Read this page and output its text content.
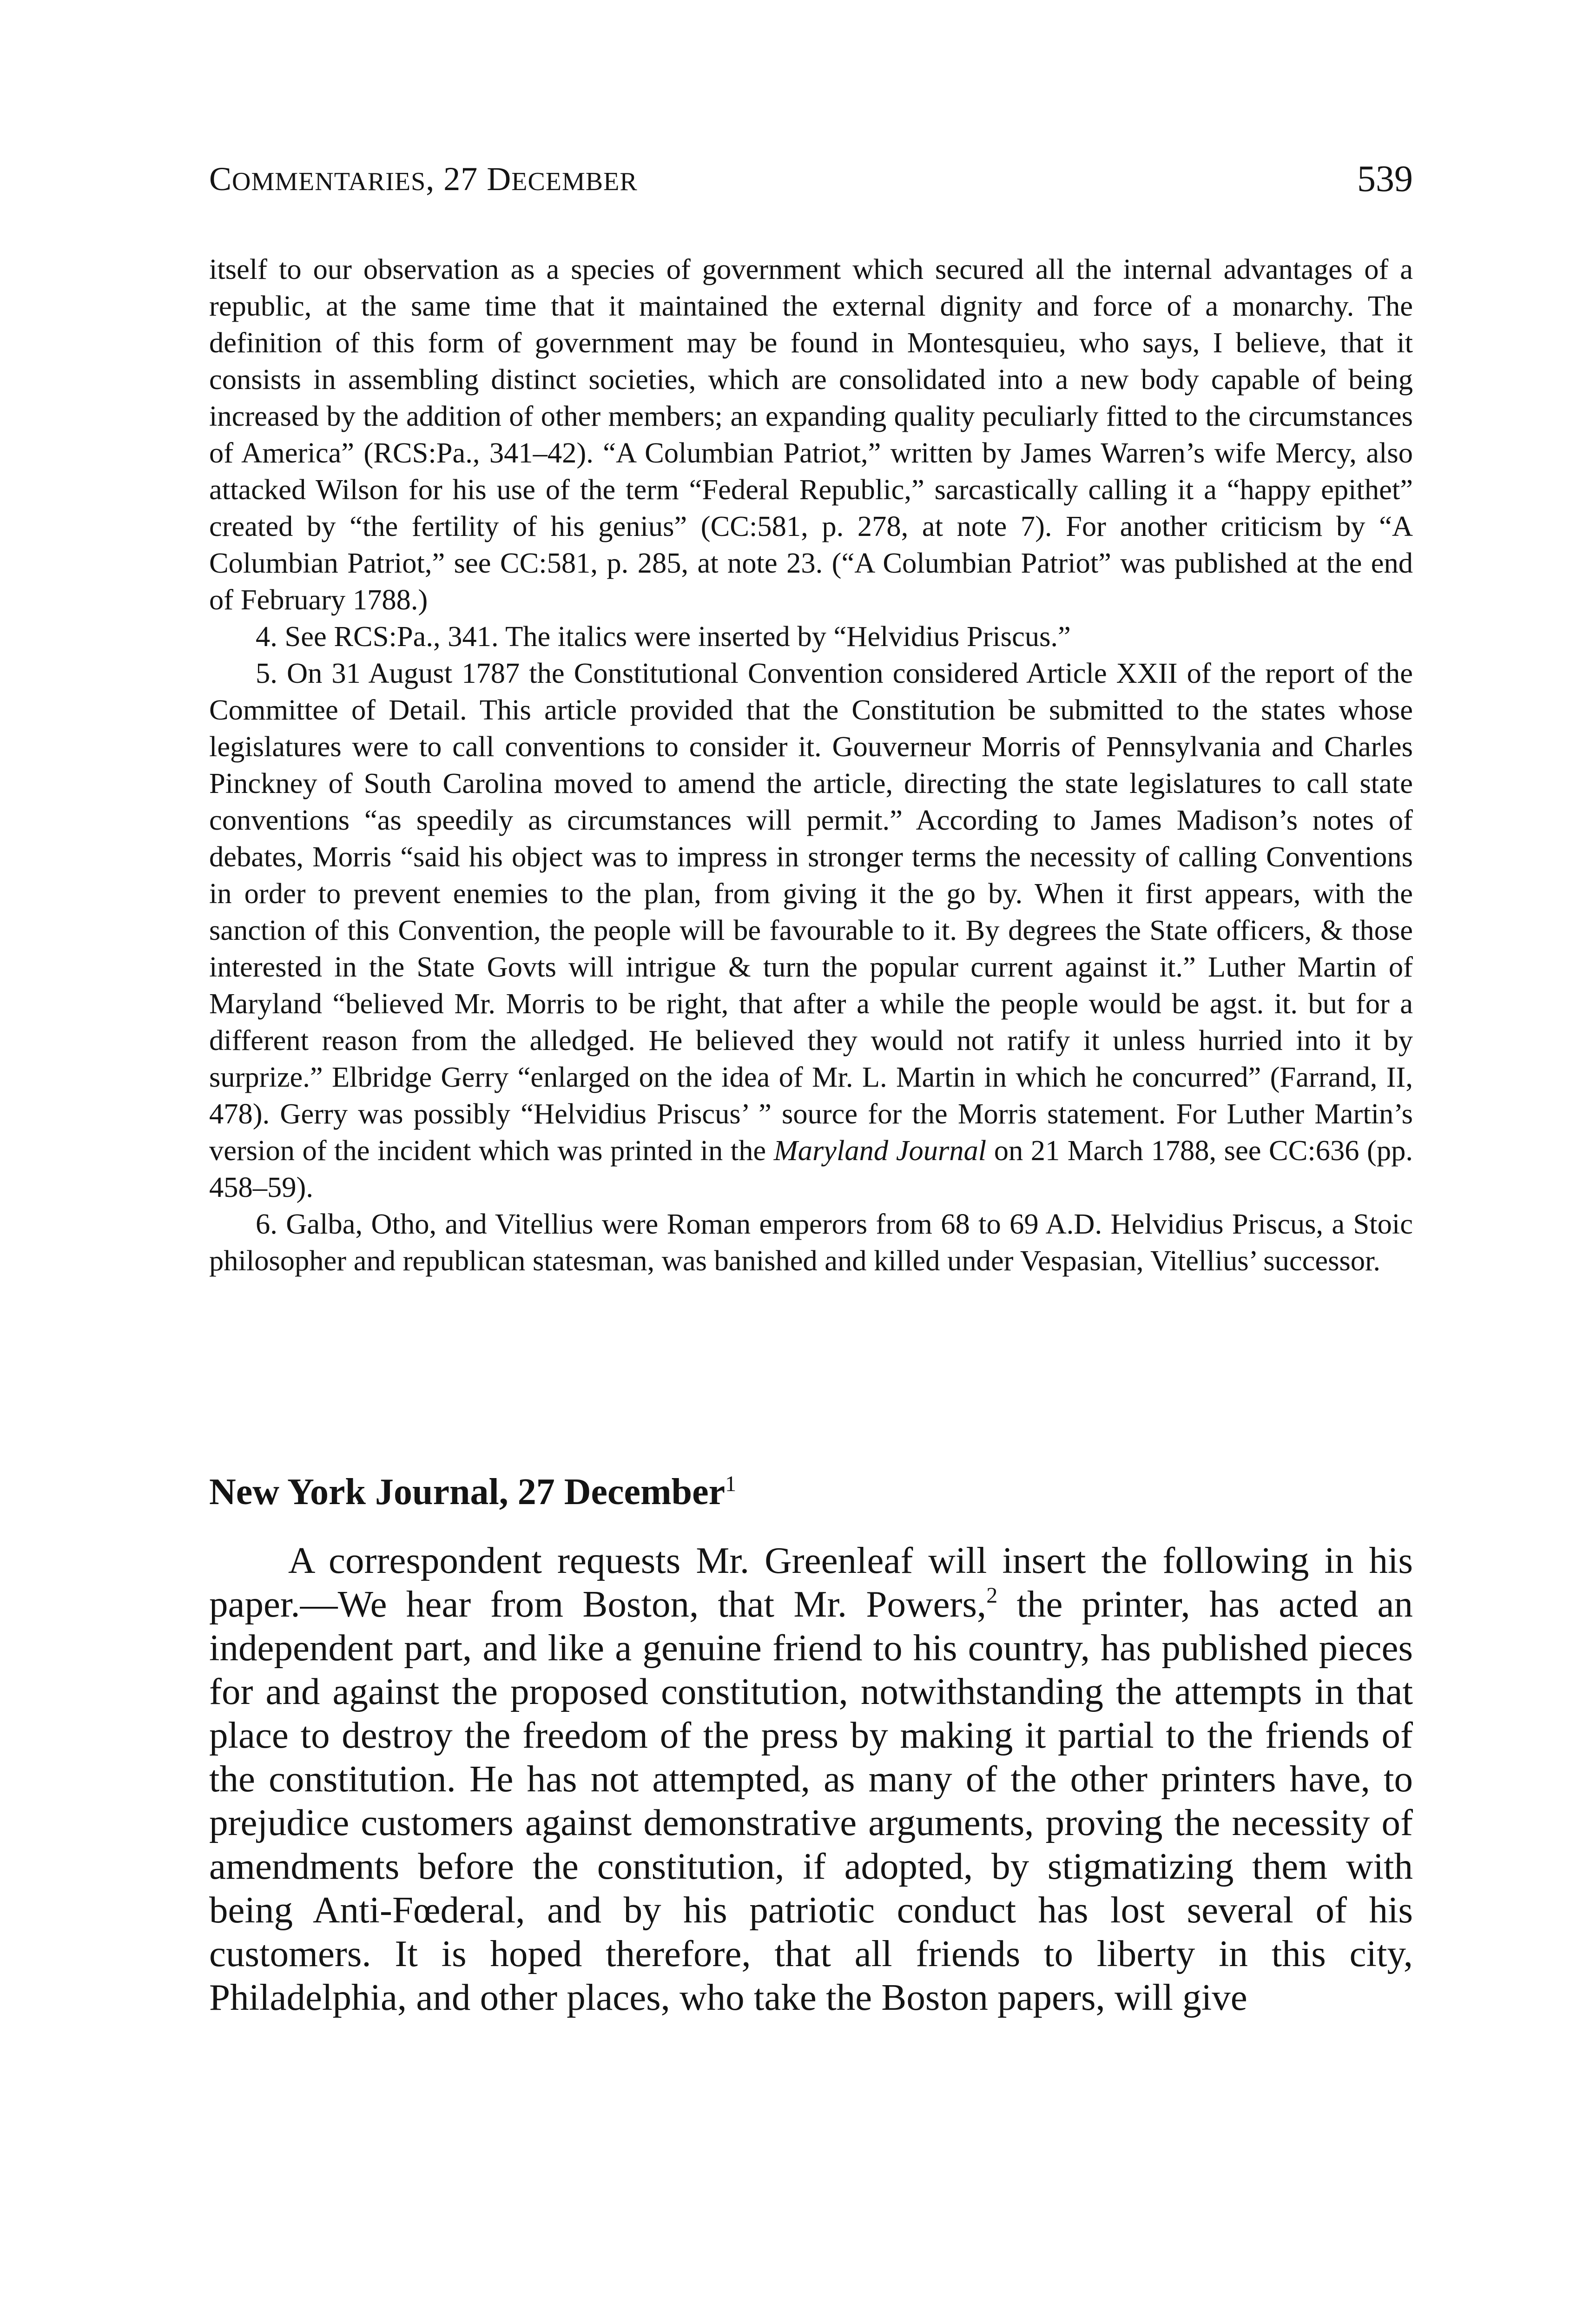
COMMENTARIES, 27 DECEMBER	539

itself to our observation as a species of government which secured all the internal advantages of a republic, at the same time that it maintained the external dignity and force of a monarchy. The definition of this form of government may be found in Montesquieu, who says, I believe, that it consists in assembling distinct societies, which are consolidated into a new body capable of being increased by the addition of other members; an expanding quality peculiarly fitted to the circumstances of America” (RCS:Pa., 341–42). “A Columbian Patriot,” written by James Warren’s wife Mercy, also attacked Wilson for his use of the term “Federal Republic,” sarcastically calling it a “happy epithet” created by “the fertility of his genius” (CC:581, p. 278, at note 7). For another criticism by “A Columbian Patriot,” see CC:581, p. 285, at note 23. (“A Columbian Patriot” was published at the end of February 1788.)

4. See RCS:Pa., 341. The italics were inserted by “Helvidius Priscus.”

5. On 31 August 1787 the Constitutional Convention considered Article XXII of the report of the Committee of Detail. This article provided that the Constitution be submitted to the states whose legislatures were to call conventions to consider it. Gouverneur Morris of Pennsylvania and Charles Pinckney of South Carolina moved to amend the article, directing the state legislatures to call state conventions “as speedily as circumstances will permit.” According to James Madison’s notes of debates, Morris “said his object was to impress in stronger terms the necessity of calling Conventions in order to prevent enemies to the plan, from giving it the go by. When it first appears, with the sanction of this Convention, the people will be favourable to it. By degrees the State officers, & those interested in the State Govts will intrigue & turn the popular current against it.” Luther Martin of Maryland “believed Mr. Morris to be right, that after a while the people would be agst. it. but for a different reason from the alledged. He believed they would not ratify it unless hurried into it by surprize.” Elbridge Gerry “enlarged on the idea of Mr. L. Martin in which he concurred” (Farrand, II, 478). Gerry was possibly “Helvidius Priscus’ ” source for the Morris statement. For Luther Martin’s version of the incident which was printed in the Maryland Journal on 21 March 1788, see CC:636 (pp. 458–59).

6. Galba, Otho, and Vitellius were Roman emperors from 68 to 69 A.D. Helvidius Priscus, a Stoic philosopher and republican statesman, was banished and killed under Vespasian, Vitellius’ successor.

New York Journal, 27 December$^1$

A correspondent requests Mr. Greenleaf will insert the following in his paper.—We hear from Boston, that Mr. Powers,$^2$ the printer, has acted an independent part, and like a genuine friend to his country, has published pieces for and against the proposed constitution, notwithstanding the attempts in that place to destroy the freedom of the press by making it partial to the friends of the constitution. He has not attempted, as many of the other printers have, to prejudice customers against demonstrative arguments, proving the necessity of amendments before the constitution, if adopted, by stigmatizing them with being Anti-Fœderal, and by his patriotic conduct has lost several of his customers. It is hoped therefore, that all friends to liberty in this city, Philadelphia, and other places, who take the Boston papers, will give
